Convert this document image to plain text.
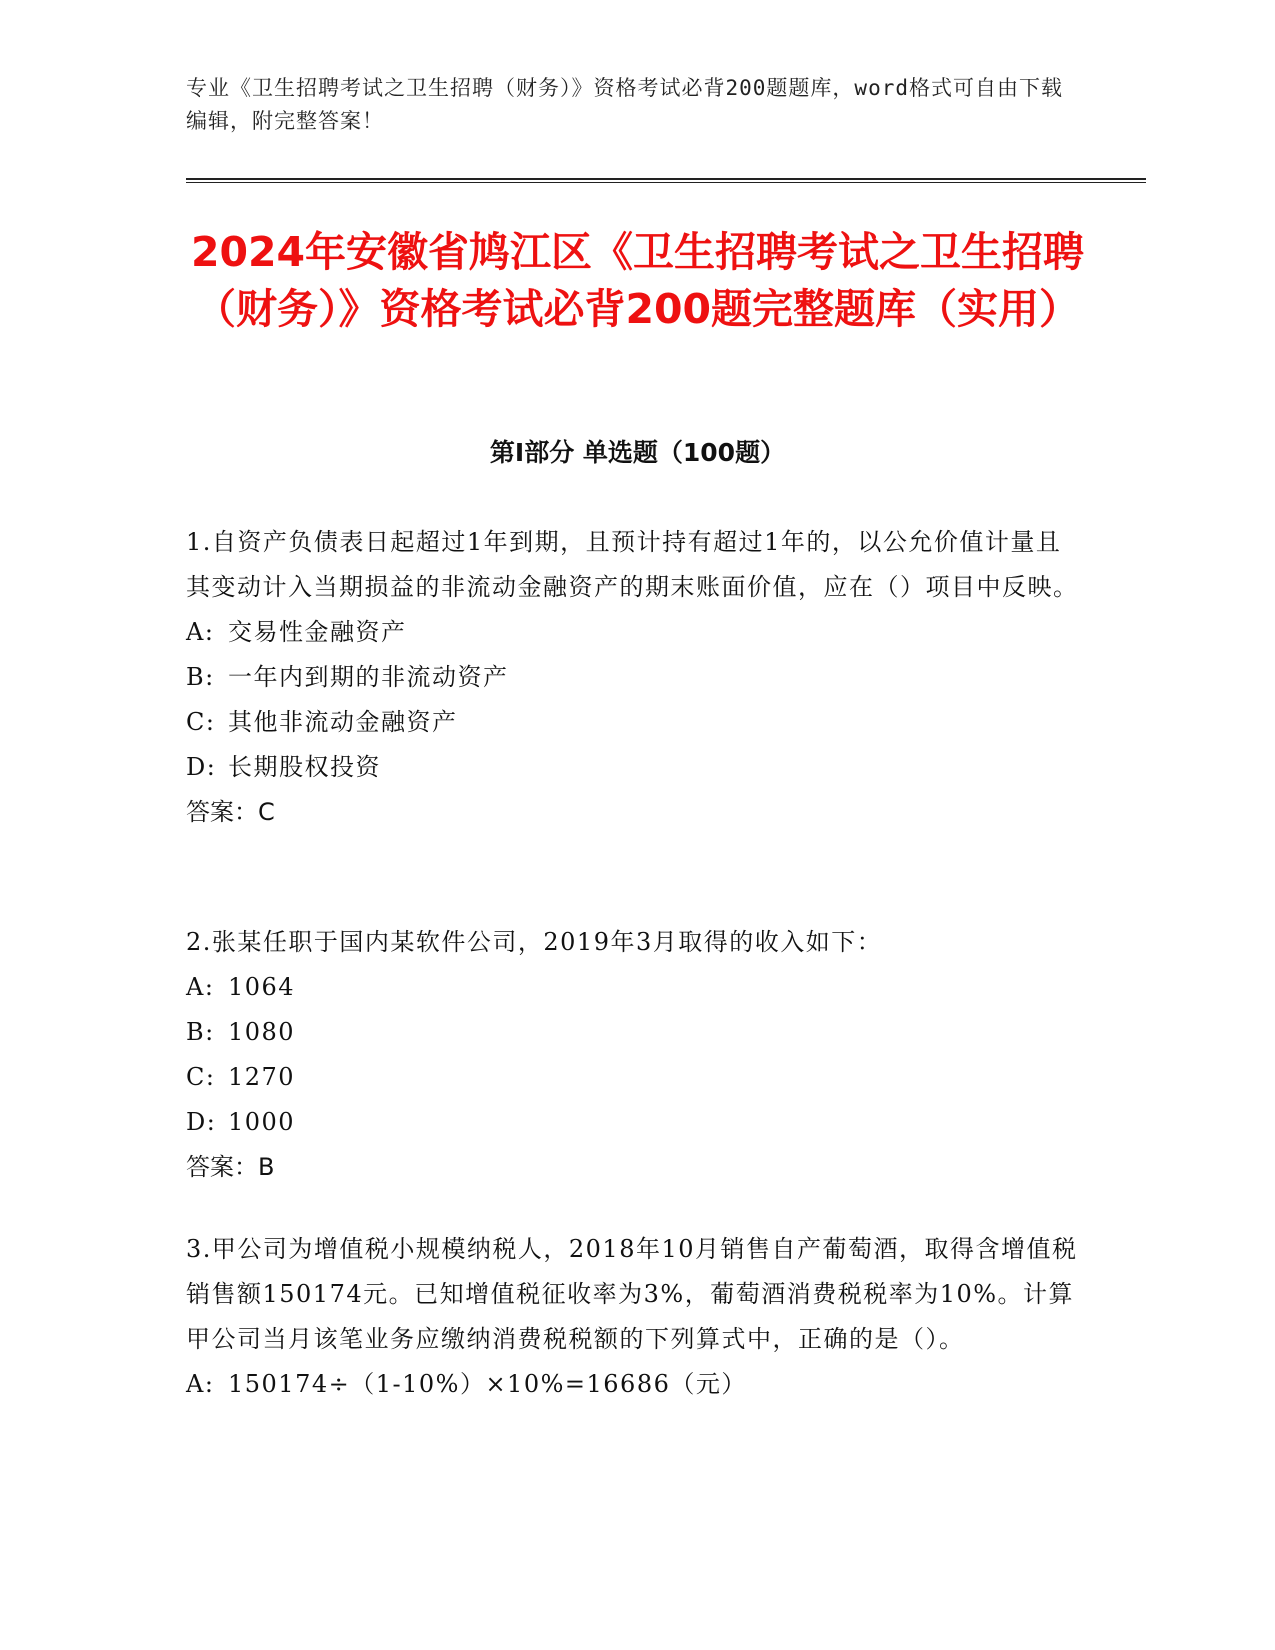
专业《卫生招聘考试之卫生招聘（财务）》资格考试必背200题题库，word格式可自由下载编辑，附完整答案！
2024年安徽省鸠江区《卫生招聘考试之卫生招聘（财务）》资格考试必背200题完整题库（实用）
第I部分 单选题（100题）
1.自资产负债表日起超过1年到期，且预计持有超过1年的，以公允价值计量且其变动计入当期损益的非流动金融资产的期末账面价值，应在（）项目中反映。
A: 交易性金融资产
B: 一年内到期的非流动资产
C: 其他非流动金融资产
D: 长期股权投资
答案：C
2.张某任职于国内某软件公司，2019年3月取得的收入如下：
A: 1064
B: 1080
C: 1270
D: 1000
答案：B
3.甲公司为增值税小规模纳税人，2018年10月销售自产葡萄酒，取得含增值税销售额150174元。已知增值税征收率为3%，葡萄酒消费税税率为10%。计算甲公司当月该笔业务应缴纳消费税税额的下列算式中，正确的是（）。
A: 150174÷（1-10%）×10%=16686（元）
